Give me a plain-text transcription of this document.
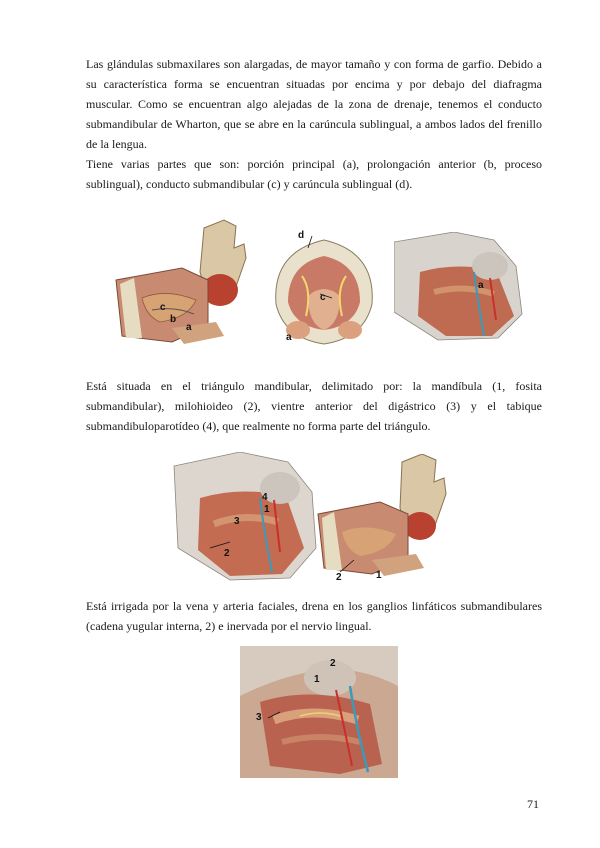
Las glándulas submaxilares son alargadas, de mayor tamaño y con forma de garfio. Debido a su característica forma se encuentran situadas por encima y por debajo del diafragma muscular. Como se encuentran algo alejadas de la zona de drenaje, tenemos el conducto submandibular de Wharton, que se abre en la carúncula sublingual, a ambos lados del frenillo de la lengua.
Tiene varias partes que son: porción principal (a), prolongación anterior (b, proceso sublingual), conducto submandibular (c) y carúncula sublingual (d).
c
b
a
d
c
a
a
Está situada en el triángulo mandibular, delimitado por: la mandíbula (1, fosita submandibular), milohioideo (2), vientre anterior del digástrico (3) y el tabique submandibuloparotídeo (4), que realmente no forma parte del triángulo.
3
4
1
2
2	1
Está irrigada por la vena y arteria faciales, drena en los ganglios linfáticos submandibulares (cadena yugular interna, 2) e inervada por el nervio lingual.
2
1
3
71
